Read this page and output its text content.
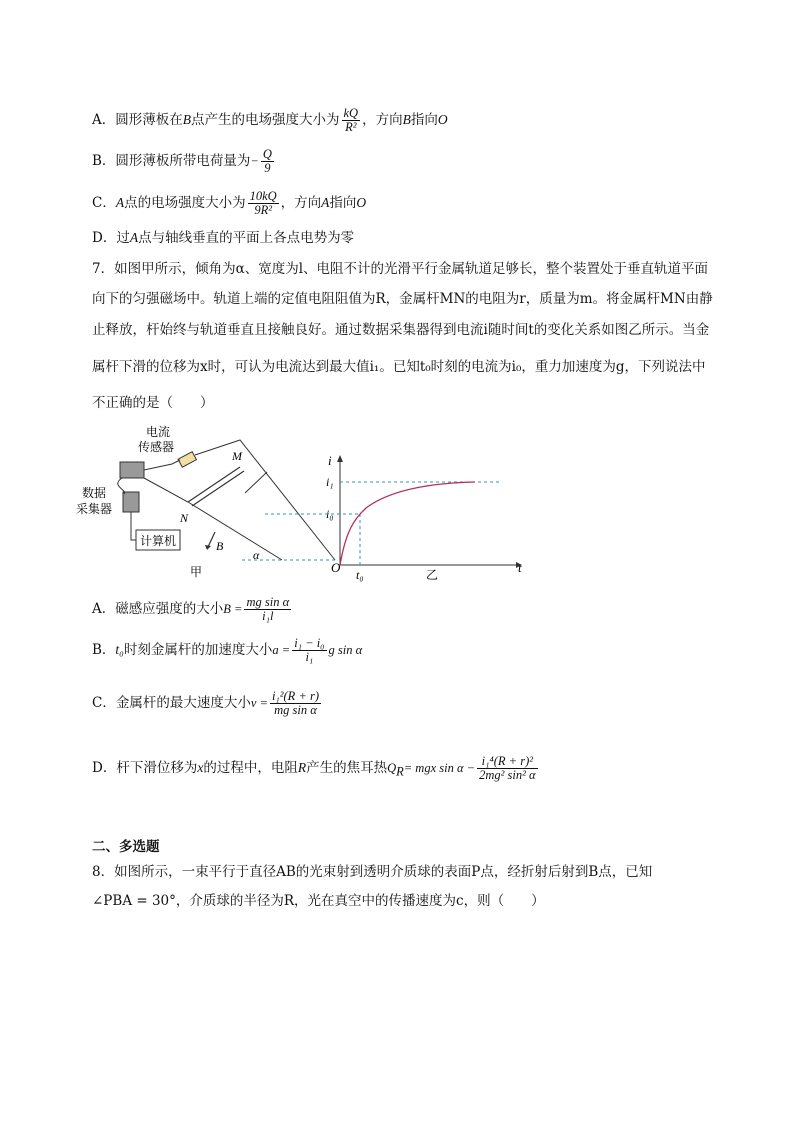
A．圆形薄板在B点产生的电场强度大小为 $\frac{kQ}{\text{R²}}$ ，方向B指向O
B．圆形薄板所带电荷量为− $\frac{Q}{9}$
C．A点的电场强度大小为 $\frac{10kQ}{\text{9R²}}$ ，方向A指向O
D．过A点与轴线垂直的平面上各点电势为零
7．如图甲所示，倾角为α、宽度为l、电阻不计的光滑平行金属轨道足够长，整个装置处于垂直轨道平面
向下的匀强磁场中。轨道上端的定值电阻阻值为R，金属杆MN的电阻为r，质量为m。将金属杆MN由静
止释放，杆始终与轨道垂直且接触良好。通过数据采集器得到电流i随时间t的变化关系如图乙所示。当金
属杆下滑的位移为x时，可认为电流达到最大值i₁。已知t₀时刻的电流为i₀，重力加速度为g，下列说法中
不正确的是（　　）
电流
传感器
M
N
数据
采集器
计算机	B
α
甲
i
t
O
i₁
i₀
t₀	乙
A．磁感应强度的大小$B = \frac{\text{mg sin α}}{\text{i₁l}}$
B．t₀时刻金属杆的加速度大小$a = \frac{\text{i₁ − i₀}}{\text{i₁}}$ g sin α
C．金属杆的最大速度大小$v = \frac{\text{i₁²(R + r)}}{\text{mg sin α}}$
D．杆下滑位移为x的过程中，电阻R产生的焦耳热$Q_R=$ mgx $\sin \alpha - \frac{\text{i₁⁴(R + r)²}}{\text{2mg² sin² α}}$
二、多选题
8．如图所示，一束平行于直径AB的光束射到透明介质球的表面P点，经折射后射到B点，已知
∠PBA = 30°，介质球的半径为R，光在真空中的传播速度为c，则（　　）
